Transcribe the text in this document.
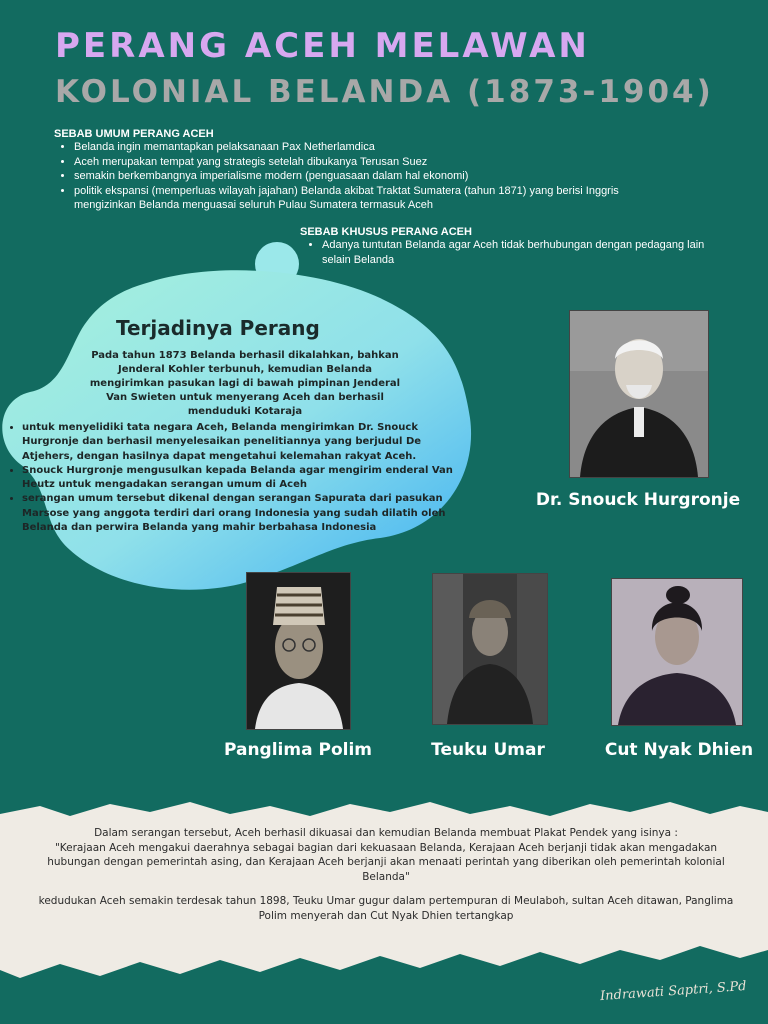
PERANG ACEH MELAWAN
KOLONIAL BELANDA (1873-1904)
SEBAB UMUM PERANG ACEH
• Belanda ingin memantapkan pelaksanaan Pax Netherlamdica
• Aceh merupakan tempat yang strategis setelah dibukanya Terusan Suez
• semakin berkembangnya imperialisme modern (penguasaan dalam hal ekonomi)
• politik ekspansi (memperluas wilayah jajahan) Belanda akibat Traktat Sumatera (tahun 1871) yang berisi Inggris mengizinkan Belanda menguasai seluruh Pulau Sumatera termasuk Aceh
SEBAB KHUSUS PERANG ACEH
• Adanya tuntutan Belanda agar Aceh tidak berhubungan dengan pedagang lain selain Belanda
Terjadinya Perang
Pada tahun 1873 Belanda berhasil dikalahkan, bahkan Jenderal Kohler terbunuh, kemudian Belanda mengirimkan pasukan lagi di bawah pimpinan Jenderal Van Swieten untuk menyerang Aceh dan berhasil menduduki Kotaraja
• untuk menyelidiki tata negara Aceh, Belanda mengirimkan Dr. Snouck Hurgronje dan berhasil menyelesaikan penelitiannya yang berjudul De Atjehers, dengan hasilnya dapat mengetahui kelemahan rakyat Aceh.
• Snouck Hurgronje mengusulkan kepada Belanda agar mengirim enderal Van Heutz untuk mengadakan serangan umum di Aceh
• serangan umum tersebut dikenal dengan serangan Sapurata dari pasukan Marsose yang anggota terdiri dari orang Indonesia yang sudah dilatih oleh Belanda dan perwira Belanda yang mahir berbahasa Indonesia
Dr. Snouck Hurgronje
Panglima Polim	Teuku Umar	Cut Nyak Dhien
Dalam serangan tersebut, Aceh berhasil dikuasai dan kemudian Belanda membuat Plakat Pendek yang isinya :
"Kerajaan Aceh mengakui daerahnya sebagai bagian dari kekuasaan Belanda, Kerajaan Aceh berjanji tidak akan mengadakan hubungan dengan pemerintah asing, dan Kerajaan Aceh berjanji akan menaati perintah yang diberikan oleh pemerintah kolonial Belanda"
kedudukan Aceh semakin terdesak tahun 1898, Teuku Umar gugur dalam pertempuran di Meulaboh, sultan Aceh ditawan, Panglima Polim menyerah dan Cut Nyak Dhien tertangkap
Indrawati Saptri, S.Pd
